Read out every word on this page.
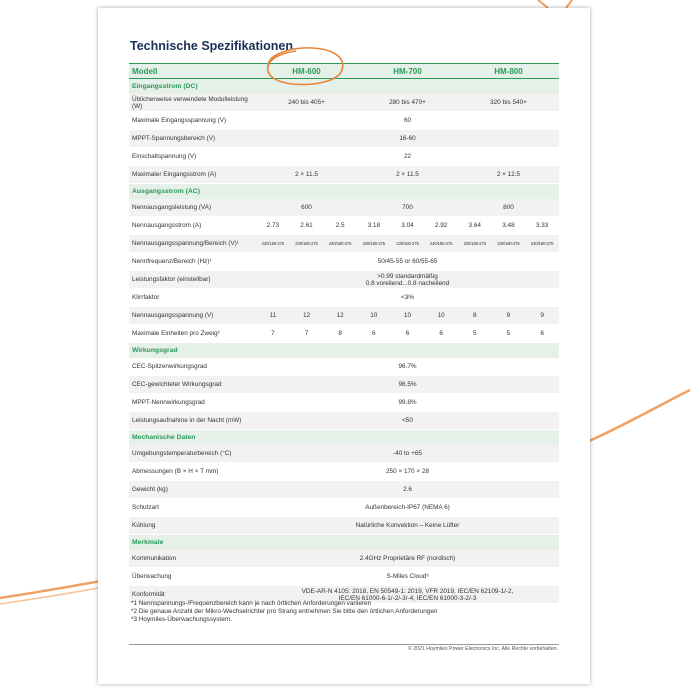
Technische Spezifikationen
Modell	HM-600			HM-700			HM-800		
Eingangsstrom (DC)									
Üblicherweise verwendete Modulleistung (W)	240 bis 405+			280 bis 470+			320 bis 540+		
Maximale Eingangsspannung (V)	60								
MPPT-Spannungsbereich (V)	16-60								
Einschaltspannung (V)	22								
Maximaler Eingangsstrom (A)	2 × 11.5			2 × 11.5			2 × 12.5		
Ausgangsstrom (AC)									
Nennausgangsleistung (VA)	600			700			800		
Nennausgangsstrom (A)	2.73	2.61	2.5	3.18	3.04	2.92	3.64	3.48	3.33
Nennausgangsspannung/Bereich (V)¹	220/180-275	230/180-275	240/180-275	220/180-275	230/180-275	240/180-275	220/180-275	230/180-275	240/180-275
Nennfrequenz/Bereich (Hz)¹	50/45-55 or 60/55-65								
Leistungsfaktor (einstellbar)	>0.99 standardmäßig
0.8 voreilend...0.8 nacheilend								
Klirrfaktor	<3%								
Nennausgangsspannung (V)	11	12	12	10	10	10	8	9	9
Maximale Einheiten pro Zweig²	7	7	8	6	6	6	5	5	6
Wirkungsgrad									
CEC-Spitzenwirkungsgrad	96.7%								
CEC-gewichteter Wirkungsgrad	96.5%								
MPPT-Nennwirkungsgrad	99.8%								
Leistungsaufnahme in der Nacht (mW)	<50								
Mechanische Daten									
Umgebungstemperaturbereich (°C)	-40 to +65								
Abmessungen (B × H × T mm)	250 × 170 × 28								
Gewicht (kg)	2.6								
Schutzart	Außenbereich-IP67 (NEMA 6)								
Kühlung	Natürliche Konvektion – Keine Lüfter								
Merkmale									
Kommunikation	2.4GHz Proprietäre RF (nordisch)								
Überwachung	S-Miles Cloud³								
Konformität	VDE-AR-N 4105: 2018, EN 50549-1: 2019, VFR 2019, IEC/EN 62109-1/-2,
IEC/EN 61000-6-1/-2/-3/-4, IEC/EN 61000-3-2/-3								
*1 Nennspannungs-/Frequenzbereich kann je nach örtlichen Anforderungen variieren
*2 Die genaue Anzahl der Mikro-Wechselrichter pro Strang entnehmen Sie bitte den örtlichen Anforderungen
*3 Hoymiles-Überwachungssystem.
© 2021 Hoymiles Power Electronics Inc. Alle Rechte vorbehalten.
